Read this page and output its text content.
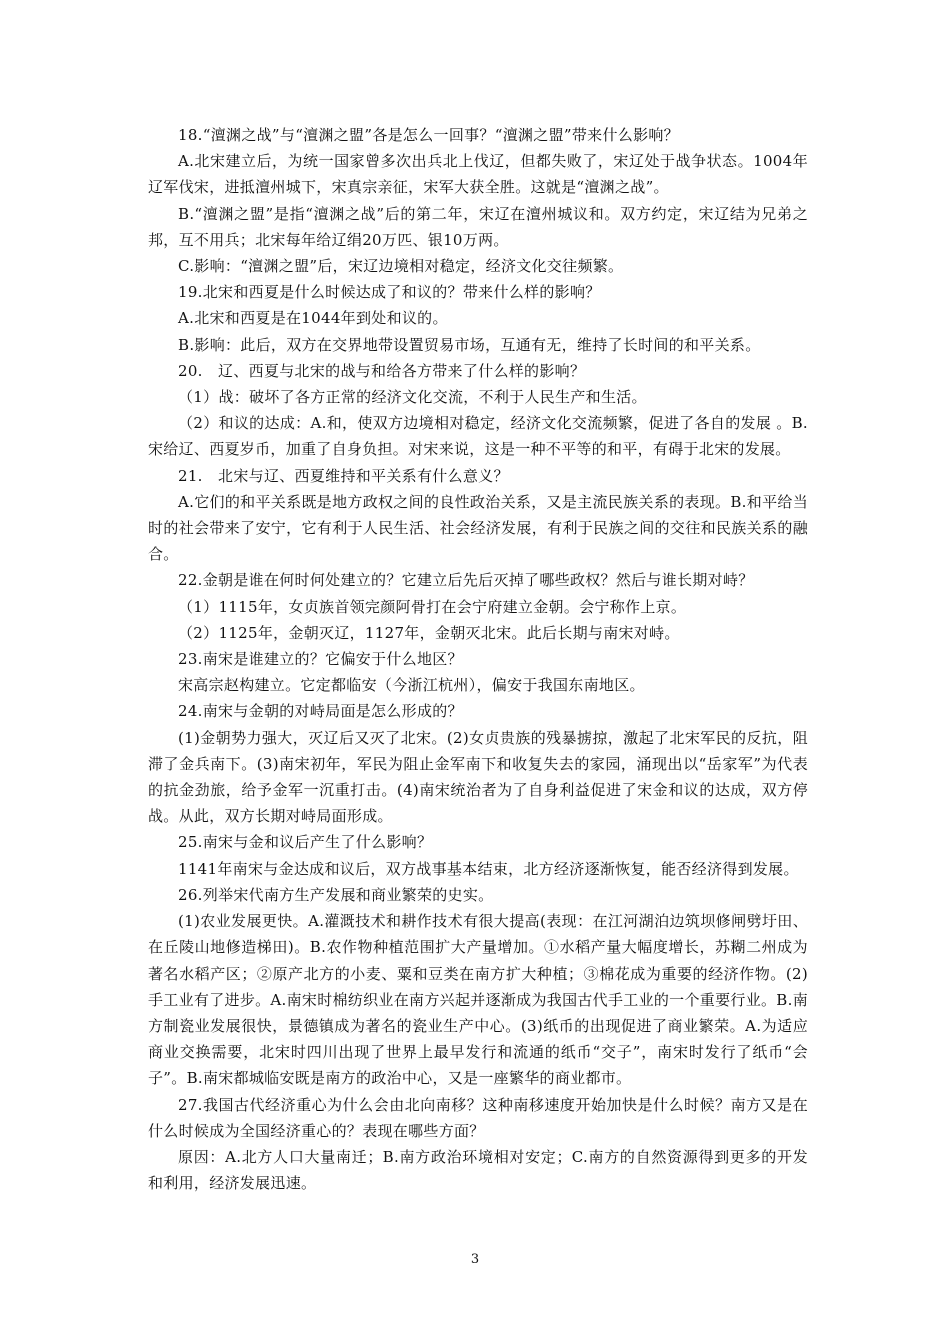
18.“澶渊之战”与“澶渊之盟”各是怎么一回事？“澶渊之盟”带来什么影响？

A.北宋建立后，为统一国家曾多次出兵北上伐辽，但都失败了，宋辽处于战争状态。1004年辽军伐宋，进抵澶州城下，宋真宗亲征，宋军大获全胜。这就是“澶渊之战”。

B.“澶渊之盟”是指“澶渊之战”后的第二年，宋辽在澶州城议和。双方约定，宋辽结为兄弟之邦，互不用兵；北宋每年给辽绢20万匹、银10万两。

C.影响：“澶渊之盟”后，宋辽边境相对稳定，经济文化交往频繁。

19.北宋和西夏是什么时候达成了和议的？带来什么样的影响？

A.北宋和西夏是在1044年到处和议的。

B.影响：此后，双方在交界地带设置贸易市场，互通有无，维持了长时间的和平关系。

20.　辽、西夏与北宋的战与和给各方带来了什么样的影响？

（1）战：破坏了各方正常的经济文化交流，不利于人民生产和生活。

（2）和议的达成：A.和，使双方边境相对稳定，经济文化交流频繁，促进了各自的发展 。B.宋给辽、西夏岁币，加重了自身负担。对宋来说，这是一种不平等的和平，有碍于北宋的发展。

21.　北宋与辽、西夏维持和平关系有什么意义？

A.它们的和平关系既是地方政权之间的良性政治关系，又是主流民族关系的表现。B.和平给当时的社会带来了安宁，它有利于人民生活、社会经济发展，有利于民族之间的交往和民族关系的融合。

22.金朝是谁在何时何处建立的？它建立后先后灭掉了哪些政权？然后与谁长期对峙？

（1）1115年，女贞族首领完颜阿骨打在会宁府建立金朝。会宁称作上京。

（2）1125年，金朝灭辽，1127年，金朝灭北宋。此后长期与南宋对峙。

23.南宋是谁建立的？它偏安于什么地区？

宋高宗赵构建立。它定都临安（今浙江杭州），偏安于我国东南地区。

24.南宋与金朝的对峙局面是怎么形成的？

(1)金朝势力强大，灭辽后又灭了北宋。(2)女贞贵族的残暴掳掠，激起了北宋军民的反抗，阻滞了金兵南下。(3)南宋初年，军民为阻止金军南下和收复失去的家园，涌现出以“岳家军”为代表的抗金劲旅，给予金军一沉重打击。(4)南宋统治者为了自身利益促进了宋金和议的达成，双方停战。从此，双方长期对峙局面形成。

25.南宋与金和议后产生了什么影响？

1141年南宋与金达成和议后，双方战事基本结束，北方经济逐渐恢复，能否经济得到发展。

26.列举宋代南方生产发展和商业繁荣的史实。

(1)农业发展更快。A.灌溉技术和耕作技术有很大提高(表现：在江河湖泊边筑坝修闸劈圩田、在丘陵山地修造梯田)。B.农作物种植范围扩大产量增加。①水稻产量大幅度增长，苏糊二州成为著名水稻产区；②原产北方的小麦、粟和豆类在南方扩大种植；③棉花成为重要的经济作物。(2)手工业有了进步。A.南宋时棉纺织业在南方兴起并逐渐成为我国古代手工业的一个重要行业。B.南方制瓷业发展很快，景德镇成为著名的瓷业生产中心。(3)纸币的出现促进了商业繁荣。A.为适应商业交换需要，北宋时四川出现了世界上最早发行和流通的纸币“交子”，南宋时发行了纸币“会子”。B.南宋都城临安既是南方的政治中心，又是一座繁华的商业都市。

27.我国古代经济重心为什么会由北向南移？这种南移速度开始加快是什么时候？南方又是在什么时候成为全国经济重心的？表现在哪些方面？

原因：A.北方人口大量南迁；B.南方政治环境相对安定；C.南方的自然资源得到更多的开发和利用，经济发展迅速。

3
